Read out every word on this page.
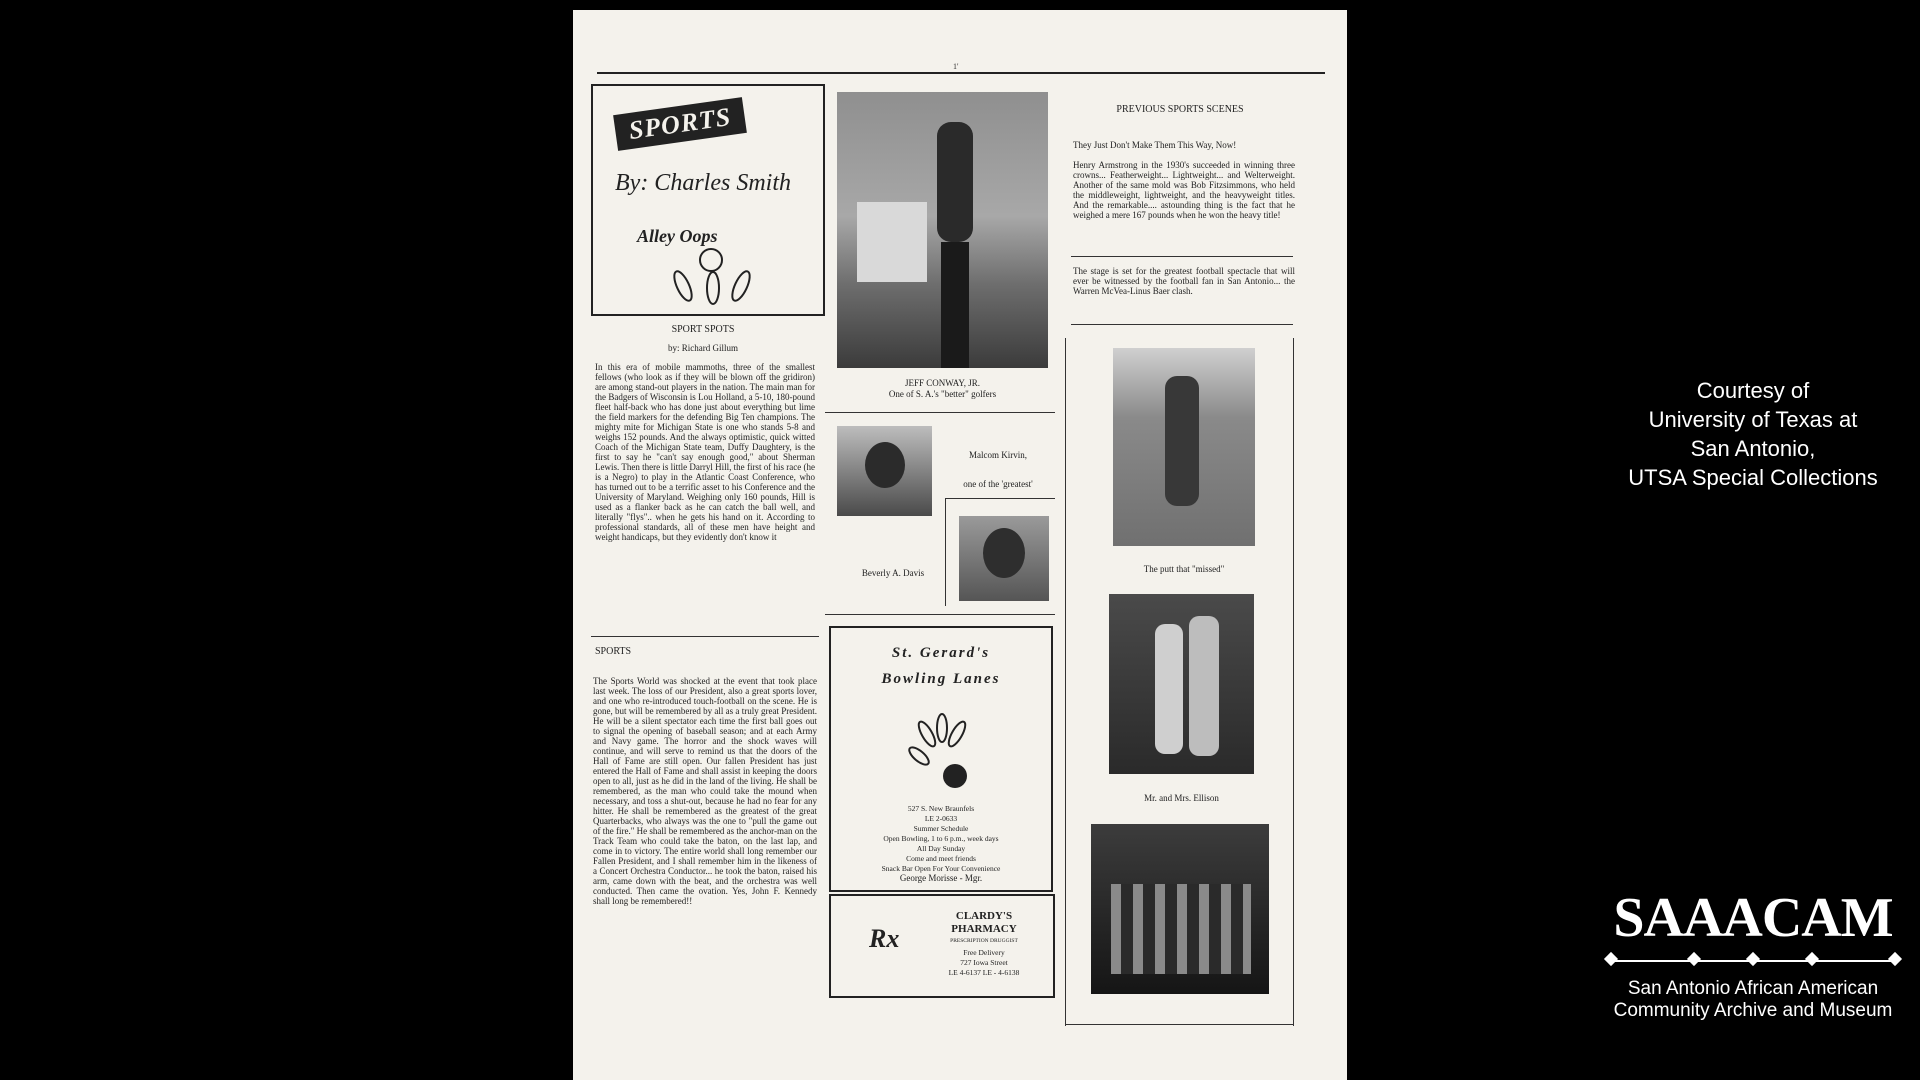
1'
SPORTS
By: Charles Smith
Alley Oops
SPORT SPOTS
by: Richard Gillum
In this era of mobile mammoths, three of the smallest fellows (who look as if they will be blown off the gridiron) are among stand-out players in the nation. The main man for the Badgers of Wisconsin is Lou Holland, a 5-10, 180-pound fleet half-back who has done just about everything but lime the field markers for the defending Big Ten champions. The mighty mite for Michigan State is one who stands 5-8 and weighs 152 pounds. And the always optimistic, quick witted Coach of the Michigan State team, Duffy Daughtery, is the first to say he "can't say enough good," about Sherman Lewis. Then there is little Darryl Hill, the first of his race (he is a Negro) to play in the Atlantic Coast Conference, who has turned out to be a terrific asset to his Conference and the University of Maryland. Weighing only 160 pounds, Hill is used as a flanker back as he can catch the ball well, and literally "flys".. when he gets his hand on it. According to professional standards, all of these men have height and weight handicaps, but they evidently don't know it
SPORTS
The Sports World was shocked at the event that took place last week. The loss of our President, also a great sports lover, and one who re-introduced touch-football on the scene. He is gone, but will be remembered by all as a truly great President. He will be a silent spectator each time the first ball goes out to signal the opening of baseball season; and at each Army and Navy game. The horror and the shock waves will continue, and will serve to remind us that the doors of the Hall of Fame are still open. Our fallen President has just entered the Hall of Fame and shall assist in keeping the doors open to all, just as he did in the land of the living. He shall be remembered, as the man who could take the mound when necessary, and toss a shut-out, because he had no fear for any hitter. He shall be remembered as the greatest of the great Quarterbacks, who always was the one to "pull the game out of the fire." He shall be remembered as the anchor-man on the Track Team who could take the baton, on the last lap, and come in to victory. The entire world shall long remember our Fallen President, and I shall remember him in the likeness of a Concert Orchestra Conductor... he took the baton, raised his arm, came down with the beat, and the orchestra was well conducted. Then came the ovation. Yes, John F. Kennedy shall long be remembered!!
JEFF CONWAY, JR.
One of S. A.'s "better" golfers
Malcom Kirvin,
one of the 'greatest'
Beverly A. Davis
St. Gerard's
Bowling Lanes
527 S. New Braunfels
LE 2-0633
Summer Schedule
Open Bowling, 1 to 6 p.m., week days
All Day Sunday
Come and meet friends
Snack Bar Open For Your Convenience
George Morisse - Mgr.
Rx
CLARDY'S
PHARMACY
PRESCRIPTION DRUGGIST
Free Delivery
727 Iowa Street
LE 4-6137 LE - 4-6138
PREVIOUS SPORTS SCENES
They Just Don't Make Them This Way, Now!
Henry Armstrong in the 1930's succeeded in winning three crowns... Featherweight... Lightweight... and Welterweight. Another of the same mold was Bob Fitzsimmons, who held the middleweight, lightweight, and the heavyweight titles. And the remarkable.... astounding thing is the fact that he weighed a mere 167 pounds when he won the heavy title!
The stage is set for the greatest football spectacle that will ever be witnessed by the football fan in San Antonio... the Warren McVea-Linus Baer clash.
The putt that "missed"
Mr. and Mrs. Ellison
Courtesy of
University of Texas at
San Antonio,
UTSA Special Collections
SAAACAM
San Antonio African American
Community Archive and Museum
